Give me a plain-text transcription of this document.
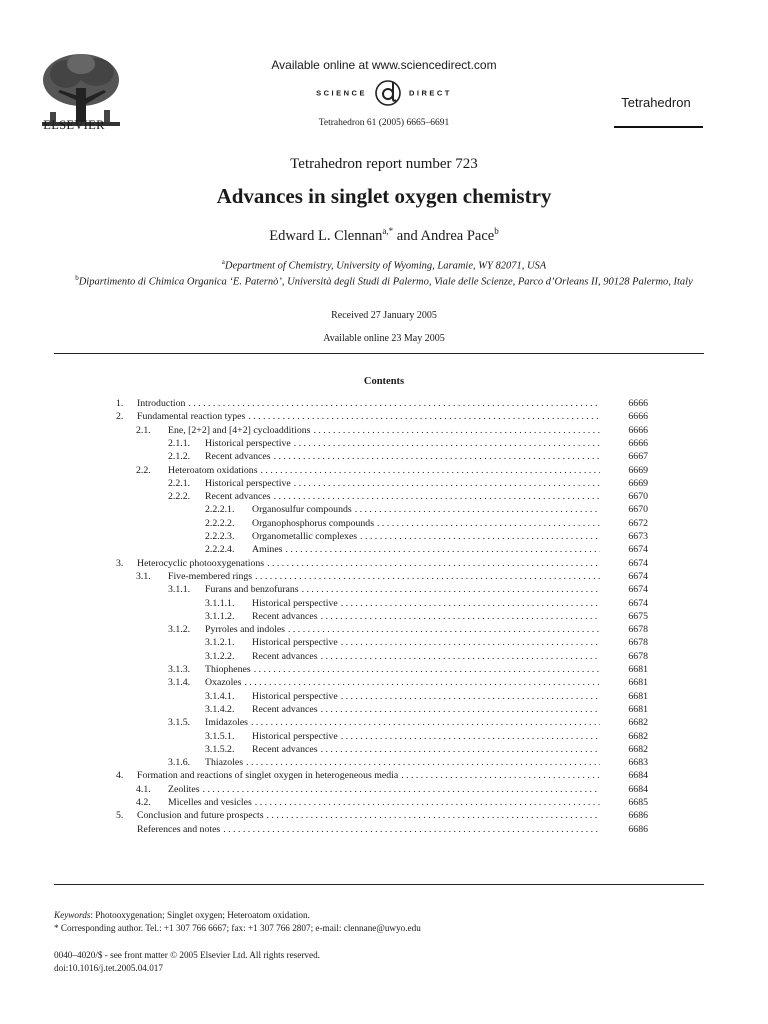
ELSEVIER
Available online at www.sciencedirect.com
SCIENCE	DIRECT
Tetrahedron 61 (2005) 6665–6691
Tetrahedron
Tetrahedron report number 723
Advances in singlet oxygen chemistry
Edward L. Clennan$^{a,*}$ and Andrea Pace$^b$
$^a$Department of Chemistry, University of Wyoming, Laramie, WY 82071, USA
$^b$Dipartimento di Chimica Organica ‘E. Paternò’, Università degli Studi di Palermo, Viale delle Scienze, Parco d’Orleans II, 90128 Palermo, Italy
Received 27 January 2005
Available online 23 May 2005
Contents
1. Introduction . . .	6666
2. Fundamental reaction types . . .	6666
2.1. Ene, [2+2] and [4+2] cycloadditions . . .	6666
2.1.1. Historical perspective . . .	6666
2.1.2. Recent advances . . .	6667
2.2. Heteroatom oxidations . . .	6669
2.2.1. Historical perspective . . .	6669
2.2.2. Recent advances . . .	6670
2.2.2.1. Organosulfur compounds . . .	6670
2.2.2.2. Organophosphorus compounds . . .	6672
2.2.2.3. Organometallic complexes . . .	6673
2.2.2.4. Amines . . .	6674
3. Heterocyclic photooxygenations . . .	6674
3.1. Five-membered rings . . .	6674
3.1.1. Furans and benzofurans . . .	6674
3.1.1.1. Historical perspective . . .	6674
3.1.1.2. Recent advances . . .	6675
3.1.2. Pyrroles and indoles . . .	6678
3.1.2.1. Historical perspective . . .	6678
3.1.2.2. Recent advances . . .	6678
3.1.3. Thiophenes . . .	6681
3.1.4. Oxazoles . . .	6681
3.1.4.1. Historical perspective . . .	6681
3.1.4.2. Recent advances . . .	6681
3.1.5. Imidazoles . . .	6682
3.1.5.1. Historical perspective . . .	6682
3.1.5.2. Recent advances . . .	6682
3.1.6. Thiazoles . . .	6683
4. Formation and reactions of singlet oxygen in heterogeneous media . . .	6684
4.1. Zeolites . . .	6684
4.2. Micelles and vesicles . . .	6685
5. Conclusion and future prospects . . .	6686
References and notes . . .	6686
Keywords: Photooxygenation; Singlet oxygen; Heteroatom oxidation.
* Corresponding author. Tel.: +1 307 766 6667; fax: +1 307 766 2807; e-mail: clennane@uwyo.edu
0040–4020/$ - see front matter © 2005 Elsevier Ltd. All rights reserved.
doi:10.1016/j.tet.2005.04.017
